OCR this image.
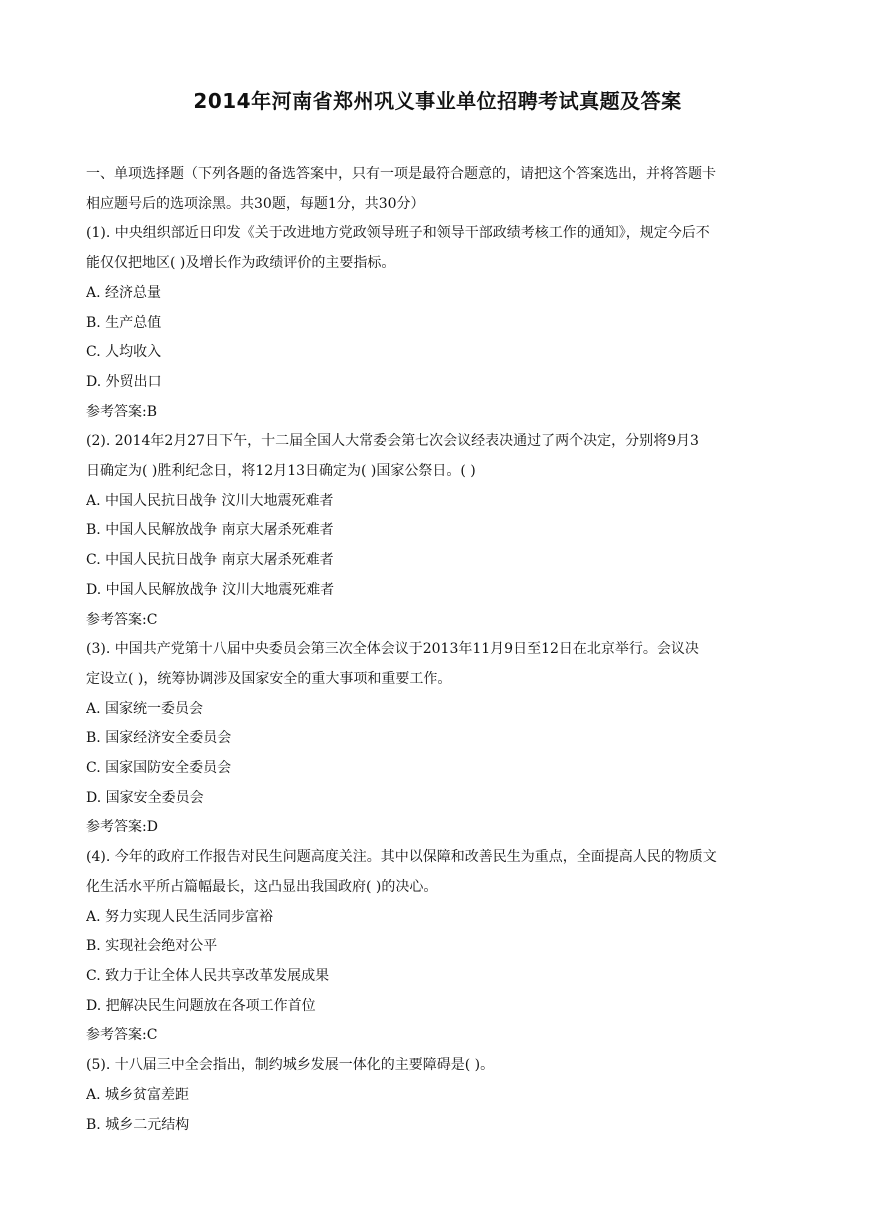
2014年河南省郑州巩义事业单位招聘考试真题及答案
一、单项选择题（下列各题的备选答案中，只有一项是最符合题意的，请把这个答案选出，并将答题卡
相应题号后的选项涂黑。共30题，每题1分，共30分）
(1). 中央组织部近日印发《关于改进地方党政领导班子和领导干部政绩考核工作的通知》，规定今后不
能仅仅把地区( )及增长作为政绩评价的主要指标。
A. 经济总量
B. 生产总值
C. 人均收入
D. 外贸出口
参考答案:B
(2). 2014年2月27日下午，十二届全国人大常委会第七次会议经表决通过了两个决定，分别将9月3
日确定为( )胜利纪念日，将12月13日确定为( )国家公祭日。( )
A. 中国人民抗日战争 汶川大地震死难者
B. 中国人民解放战争 南京大屠杀死难者
C. 中国人民抗日战争 南京大屠杀死难者
D. 中国人民解放战争 汶川大地震死难者
参考答案:C
(3). 中国共产党第十八届中央委员会第三次全体会议于2013年11月9日至12日在北京举行。会议决
定设立( )，统筹协调涉及国家安全的重大事项和重要工作。
A. 国家统一委员会
B. 国家经济安全委员会
C. 国家国防安全委员会
D. 国家安全委员会
参考答案:D
(4). 今年的政府工作报告对民生问题高度关注。其中以保障和改善民生为重点，全面提高人民的物质文
化生活水平所占篇幅最长，这凸显出我国政府( )的决心。
A. 努力实现人民生活同步富裕
B. 实现社会绝对公平
C. 致力于让全体人民共享改革发展成果
D. 把解决民生问题放在各项工作首位
参考答案:C
(5). 十八届三中全会指出，制约城乡发展一体化的主要障碍是( )。
A. 城乡贫富差距
B. 城乡二元结构
